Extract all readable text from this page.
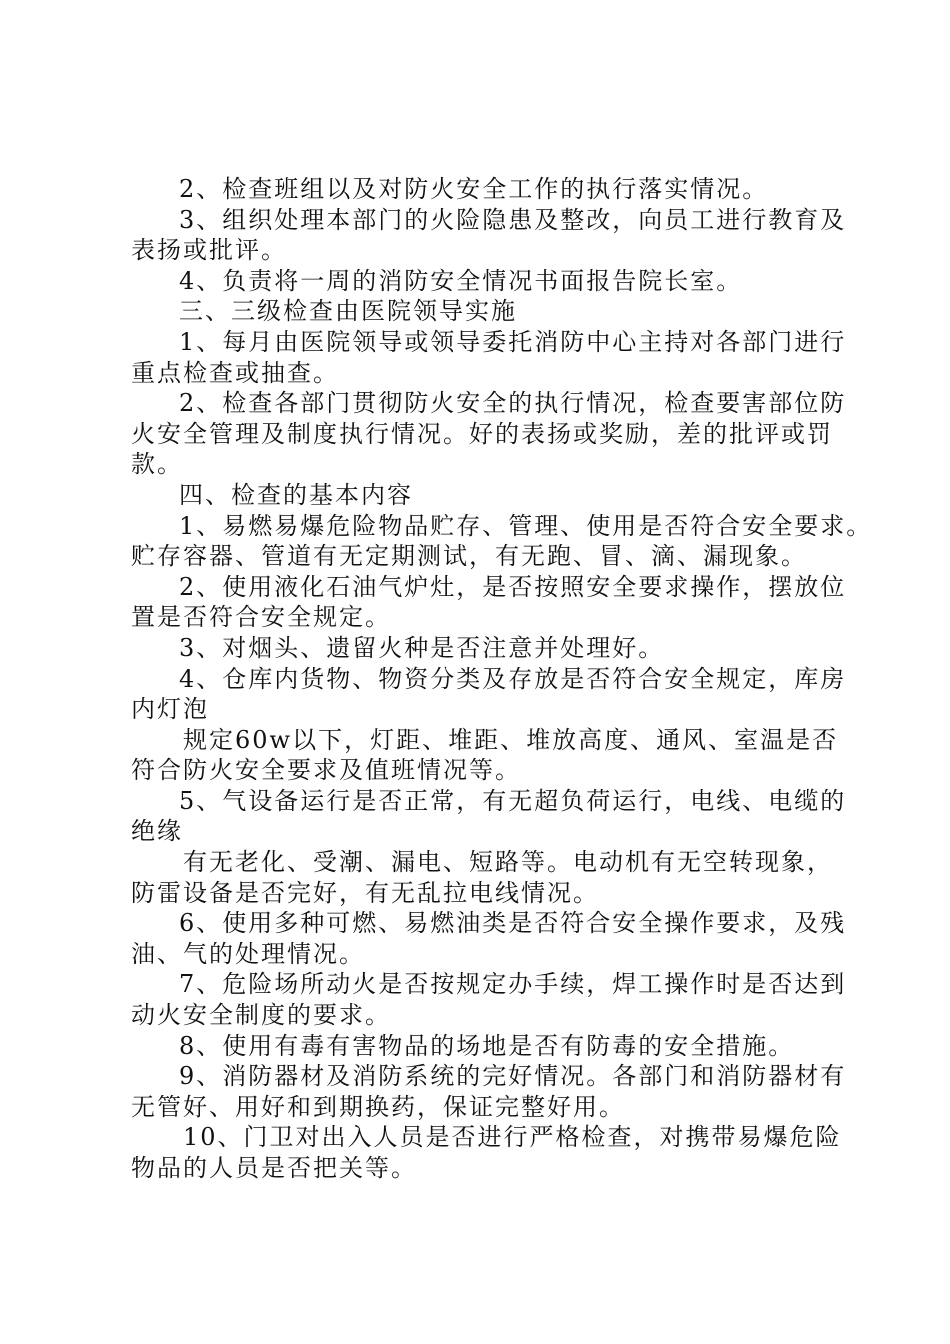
2、检查班组以及对防火安全工作的执行落实情况。

3、组织处理本部门的火险隐患及整改，向员工进行教育及

表扬或批评。

4、负责将一周的消防安全情况书面报告院长室。

三、三级检查由医院领导实施

1、每月由医院领导或领导委托消防中心主持对各部门进行

重点检查或抽查。

2、检查各部门贯彻防火安全的执行情况，检查要害部位防

火安全管理及制度执行情况。好的表扬或奖励，差的批评或罚

款。

四、检查的基本内容

1、易燃易爆危险物品贮存、管理、使用是否符合安全要求。

贮存容器、管道有无定期测试，有无跑、冒、滴、漏现象。

2、使用液化石油气炉灶，是否按照安全要求操作，摆放位

置是否符合安全规定。

3、对烟头、遗留火种是否注意并处理好。

4、仓库内货物、物资分类及存放是否符合安全规定，库房

内灯泡

规定60w以下，灯距、堆距、堆放高度、通风、室温是否

符合防火安全要求及值班情况等。

5、气设备运行是否正常，有无超负荷运行，电线、电缆的

绝缘

有无老化、受潮、漏电、短路等。电动机有无空转现象，

防雷设备是否完好，有无乱拉电线情况。

6、使用多种可燃、易燃油类是否符合安全操作要求，及残

油、气的处理情况。

7、危险场所动火是否按规定办手续，焊工操作时是否达到

动火安全制度的要求。

8、使用有毒有害物品的场地是否有防毒的安全措施。

9、消防器材及消防系统的完好情况。各部门和消防器材有

无管好、用好和到期换药，保证完整好用。

10、门卫对出入人员是否进行严格检查，对携带易爆危险

物品的人员是否把关等。
